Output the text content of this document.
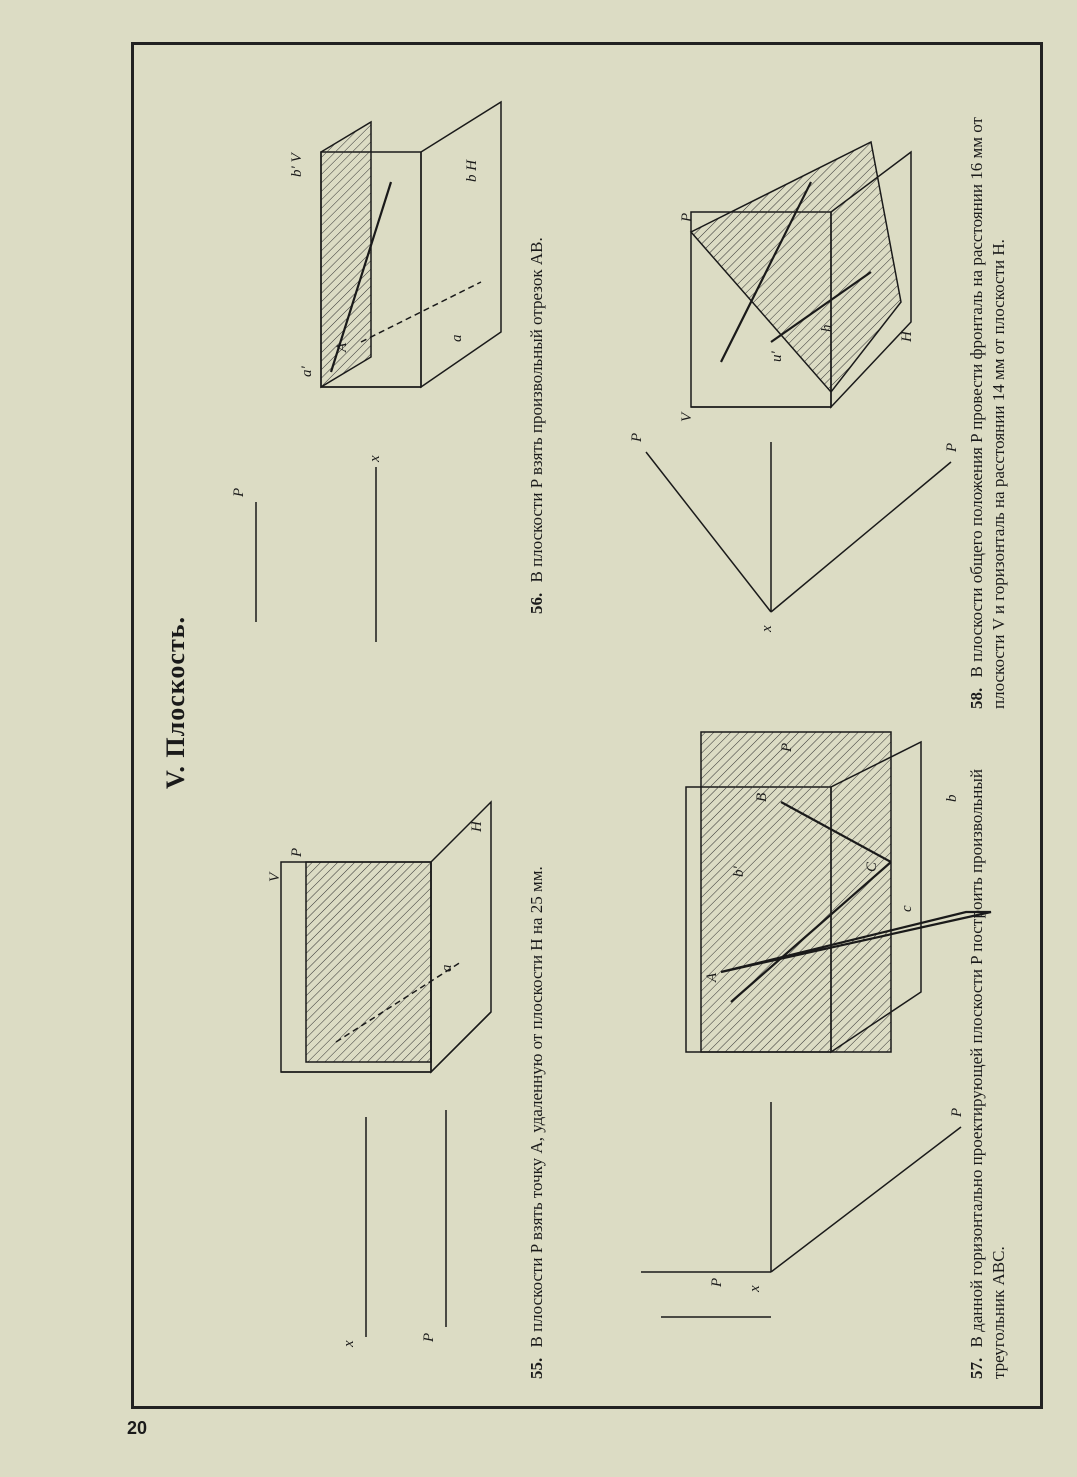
20
x
P
V
H
P
a
P
x
a'
A
b' V	b H
a
P
x
P
A
B
C
b'
c
b
P
P
x
P
V
H
u'
h
P
V. Плоскость.
55. В плоскости P взять точку A, удаленную от плоскости H на 25 мм.
56. В плоскости P взять произвольный отрезок AB.
57. В данной горизонтально проектирующей плоскости P построить произвольный треугольник ABC.
58. В плоскости общего положения P провести фронталь на расстоянии 16 мм от плоскости V и горизонталь на расстоянии 14 мм от плоскости H.
